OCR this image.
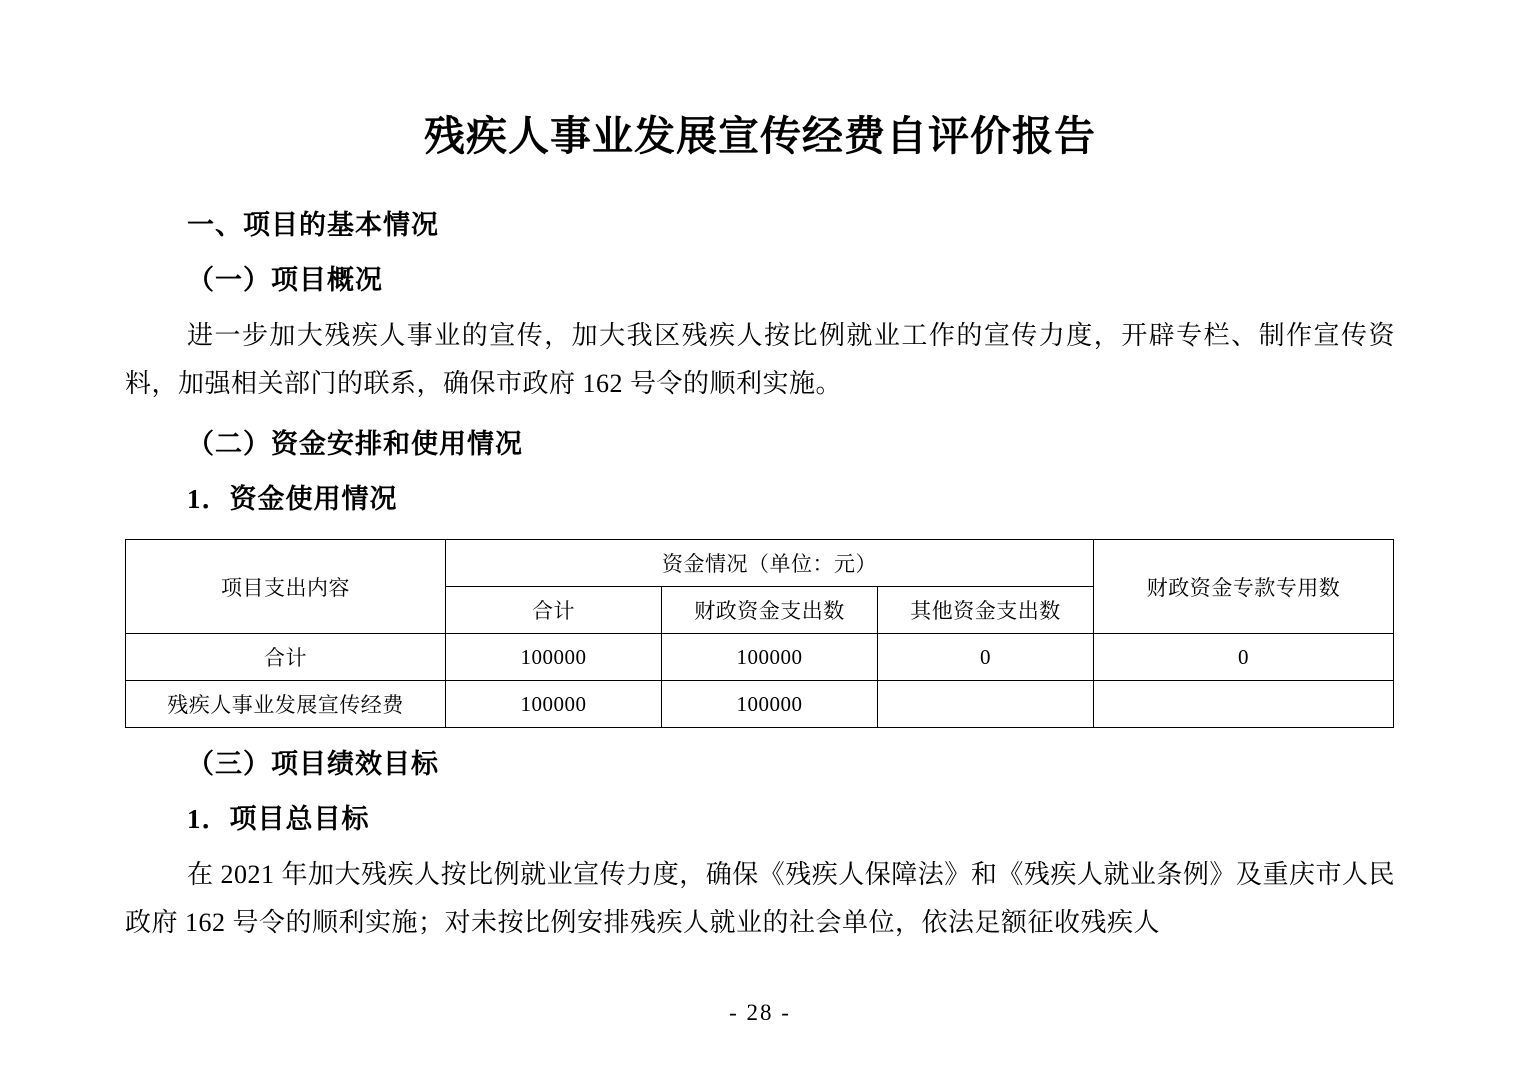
残疾人事业发展宣传经费自评价报告
一、项目的基本情况
（一）项目概况

进一步加大残疾人事业的宣传，加大我区残疾人按比例就业工作的宣传力度，开辟专栏、制作宣传资料，加强相关部门的联系，确保市政府 162 号令的顺利实施。

（二）资金安排和使用情况
1．资金使用情况
项目支出内容	资金情况（单位：元）			财政资金专款专用数
	合计	财政资金支出数	其他资金支出数	
合计	100000	100000	0	0
残疾人事业发展宣传经费	100000	100000		
（三）项目绩效目标
1．项目总目标

在 2021 年加大残疾人按比例就业宣传力度，确保《残疾人保障法》和《残疾人就业条例》及重庆市人民政府 162 号令的顺利实施；对未按比例安排残疾人就业的社会单位，依法足额征收残疾人

- 28 -
